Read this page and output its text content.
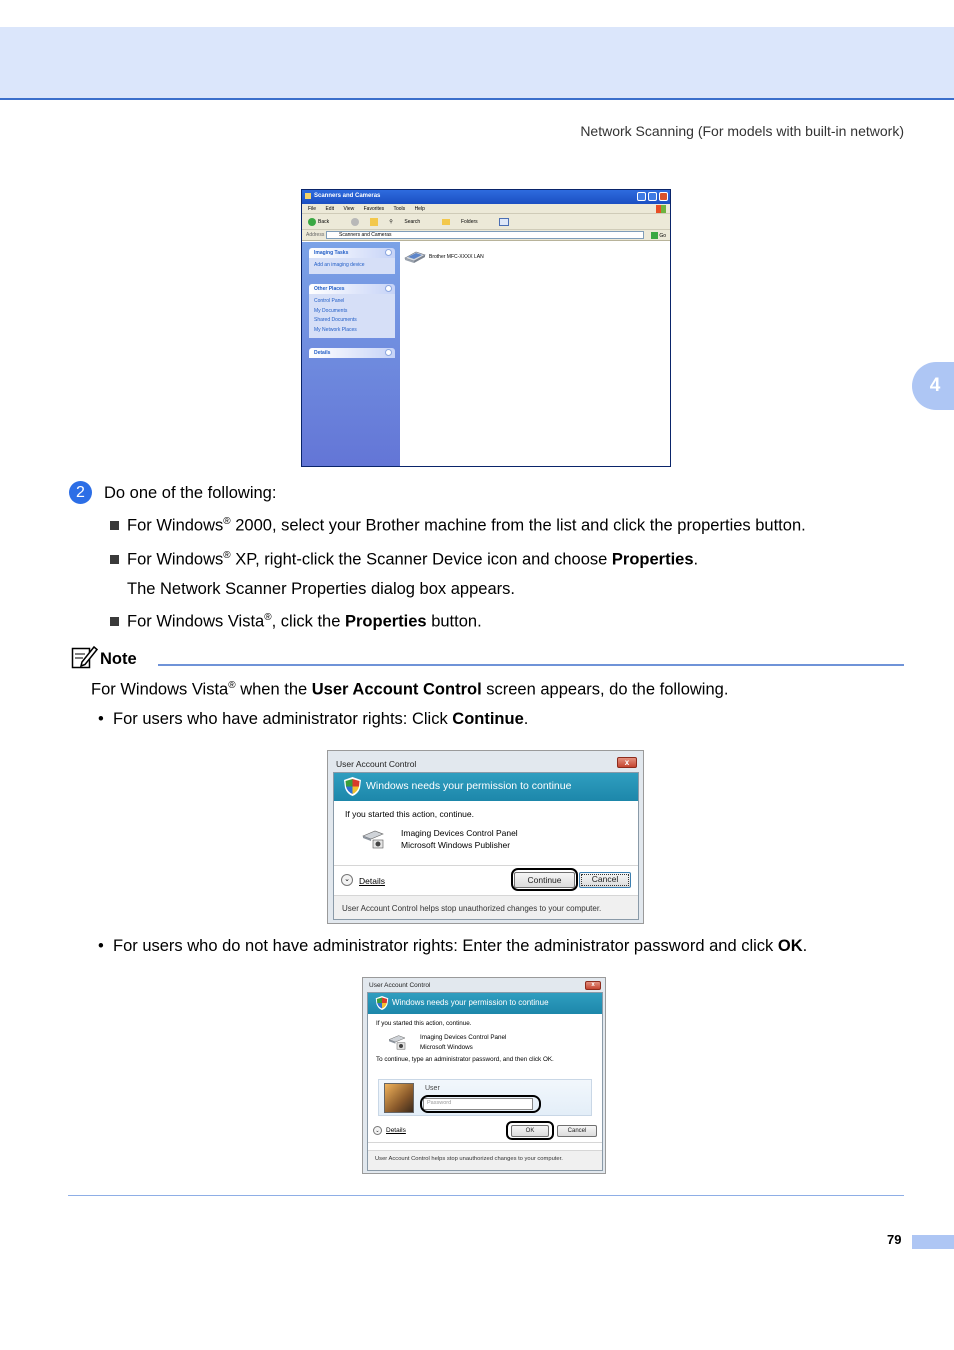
Network Scanning (For models with built-in network)
4
Scanners and Cameras
File Edit View Favorites Tools Help
Back	⚲ Search	Folders
Address	Scanners and Cameras	Go
Imaging Tasks
Add an imaging device
Other Places
Control Panel
My Documents
Shared Documents
My Network Places
Details
Brother MFC-XXXX LAN
2	Do one of the following:
For Windows® 2000, select your Brother machine from the list and click the properties button.
For Windows® XP, right-click the Scanner Device icon and choose Properties.
The Network Scanner Properties dialog box appears.
For Windows Vista®, click the Properties button.
Note
For Windows Vista® when the User Account Control screen appears, do the following.
• For users who have administrator rights: Click Continue.
User Account Control	x
Windows needs your permission to continue
If you started this action, continue.
Imaging Devices Control Panel
Microsoft Windows Publisher
⌄	Details	Continue	Cancel
User Account Control helps stop unauthorized changes to your computer.
• For users who do not have administrator rights: Enter the administrator password and click OK.
User Account Control	x
Windows needs your permission to continue
If you started this action, continue.
Imaging Devices Control Panel
Microsoft Windows
To continue, type an administrator password, and then click OK.
User
Password
⌄ Details	OK	Cancel
User Account Control helps stop unauthorized changes to your computer.
79
